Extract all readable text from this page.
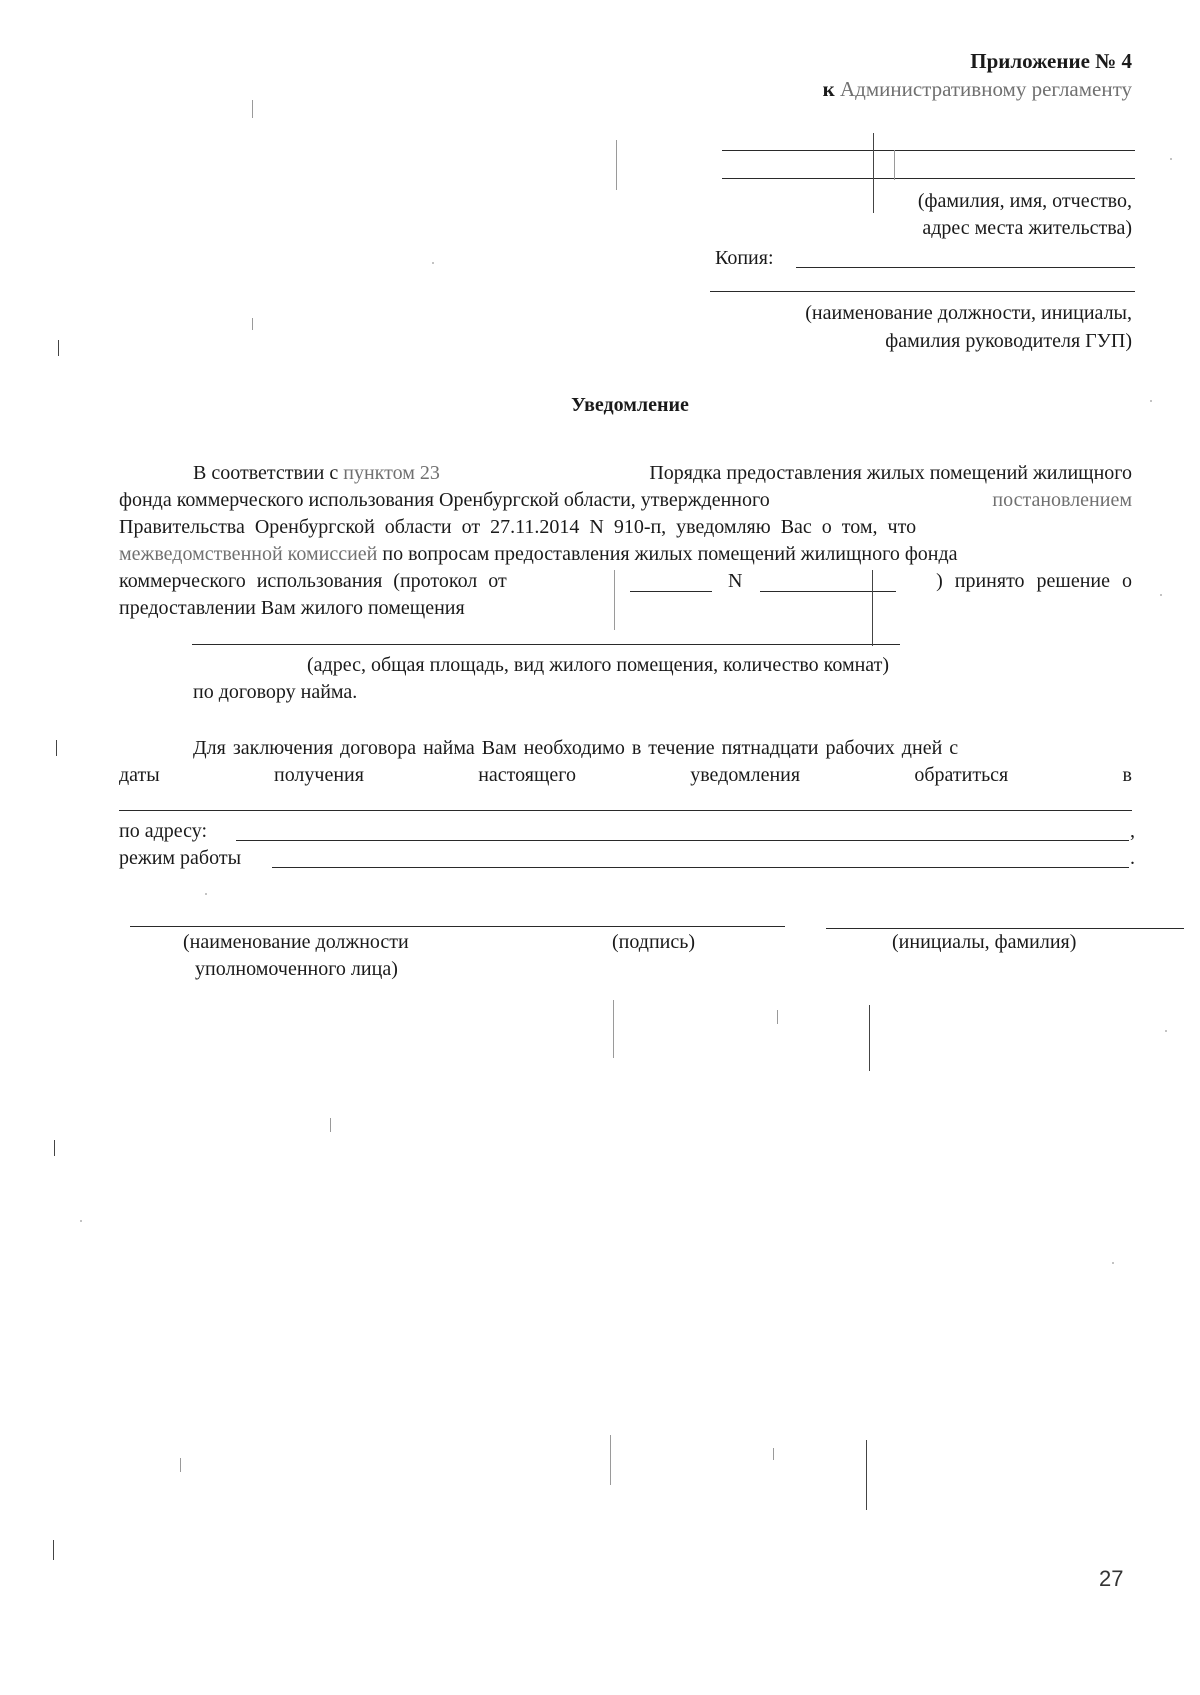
Приложение № 4
к Административному регламенту
(фамилия, имя, отчество,
адрес места жительства)
Копия:
(наименование должности, инициалы,
фамилия руководителя ГУП)
Уведомление
В соответствии с пунктом 23	Порядка предоставления жилых помещений жилищного
фонда коммерческого использования Оренбургской области, утвержденного	постановлением
Правительства Оренбургской области от 27.11.2014 N 910-п, уведомляю Вас о том, что
межведомственной комиссией по вопросам предоставления жилых помещений жилищного фонда
коммерческого использования (протокол от	N	) принято решение о
предоставлении Вам жилого помещения
(адрес, общая площадь, вид жилого помещения, количество комнат)
по договору найма.
Для заключения договора найма Вам необходимо в течение пятнадцати рабочих дней с
даты	получения	настоящего	уведомления	обратиться	в
по адресу:	,
режим работы	.
(наименование должности
уполномоченного лица)
(подпись)	(инициалы, фамилия)
27
